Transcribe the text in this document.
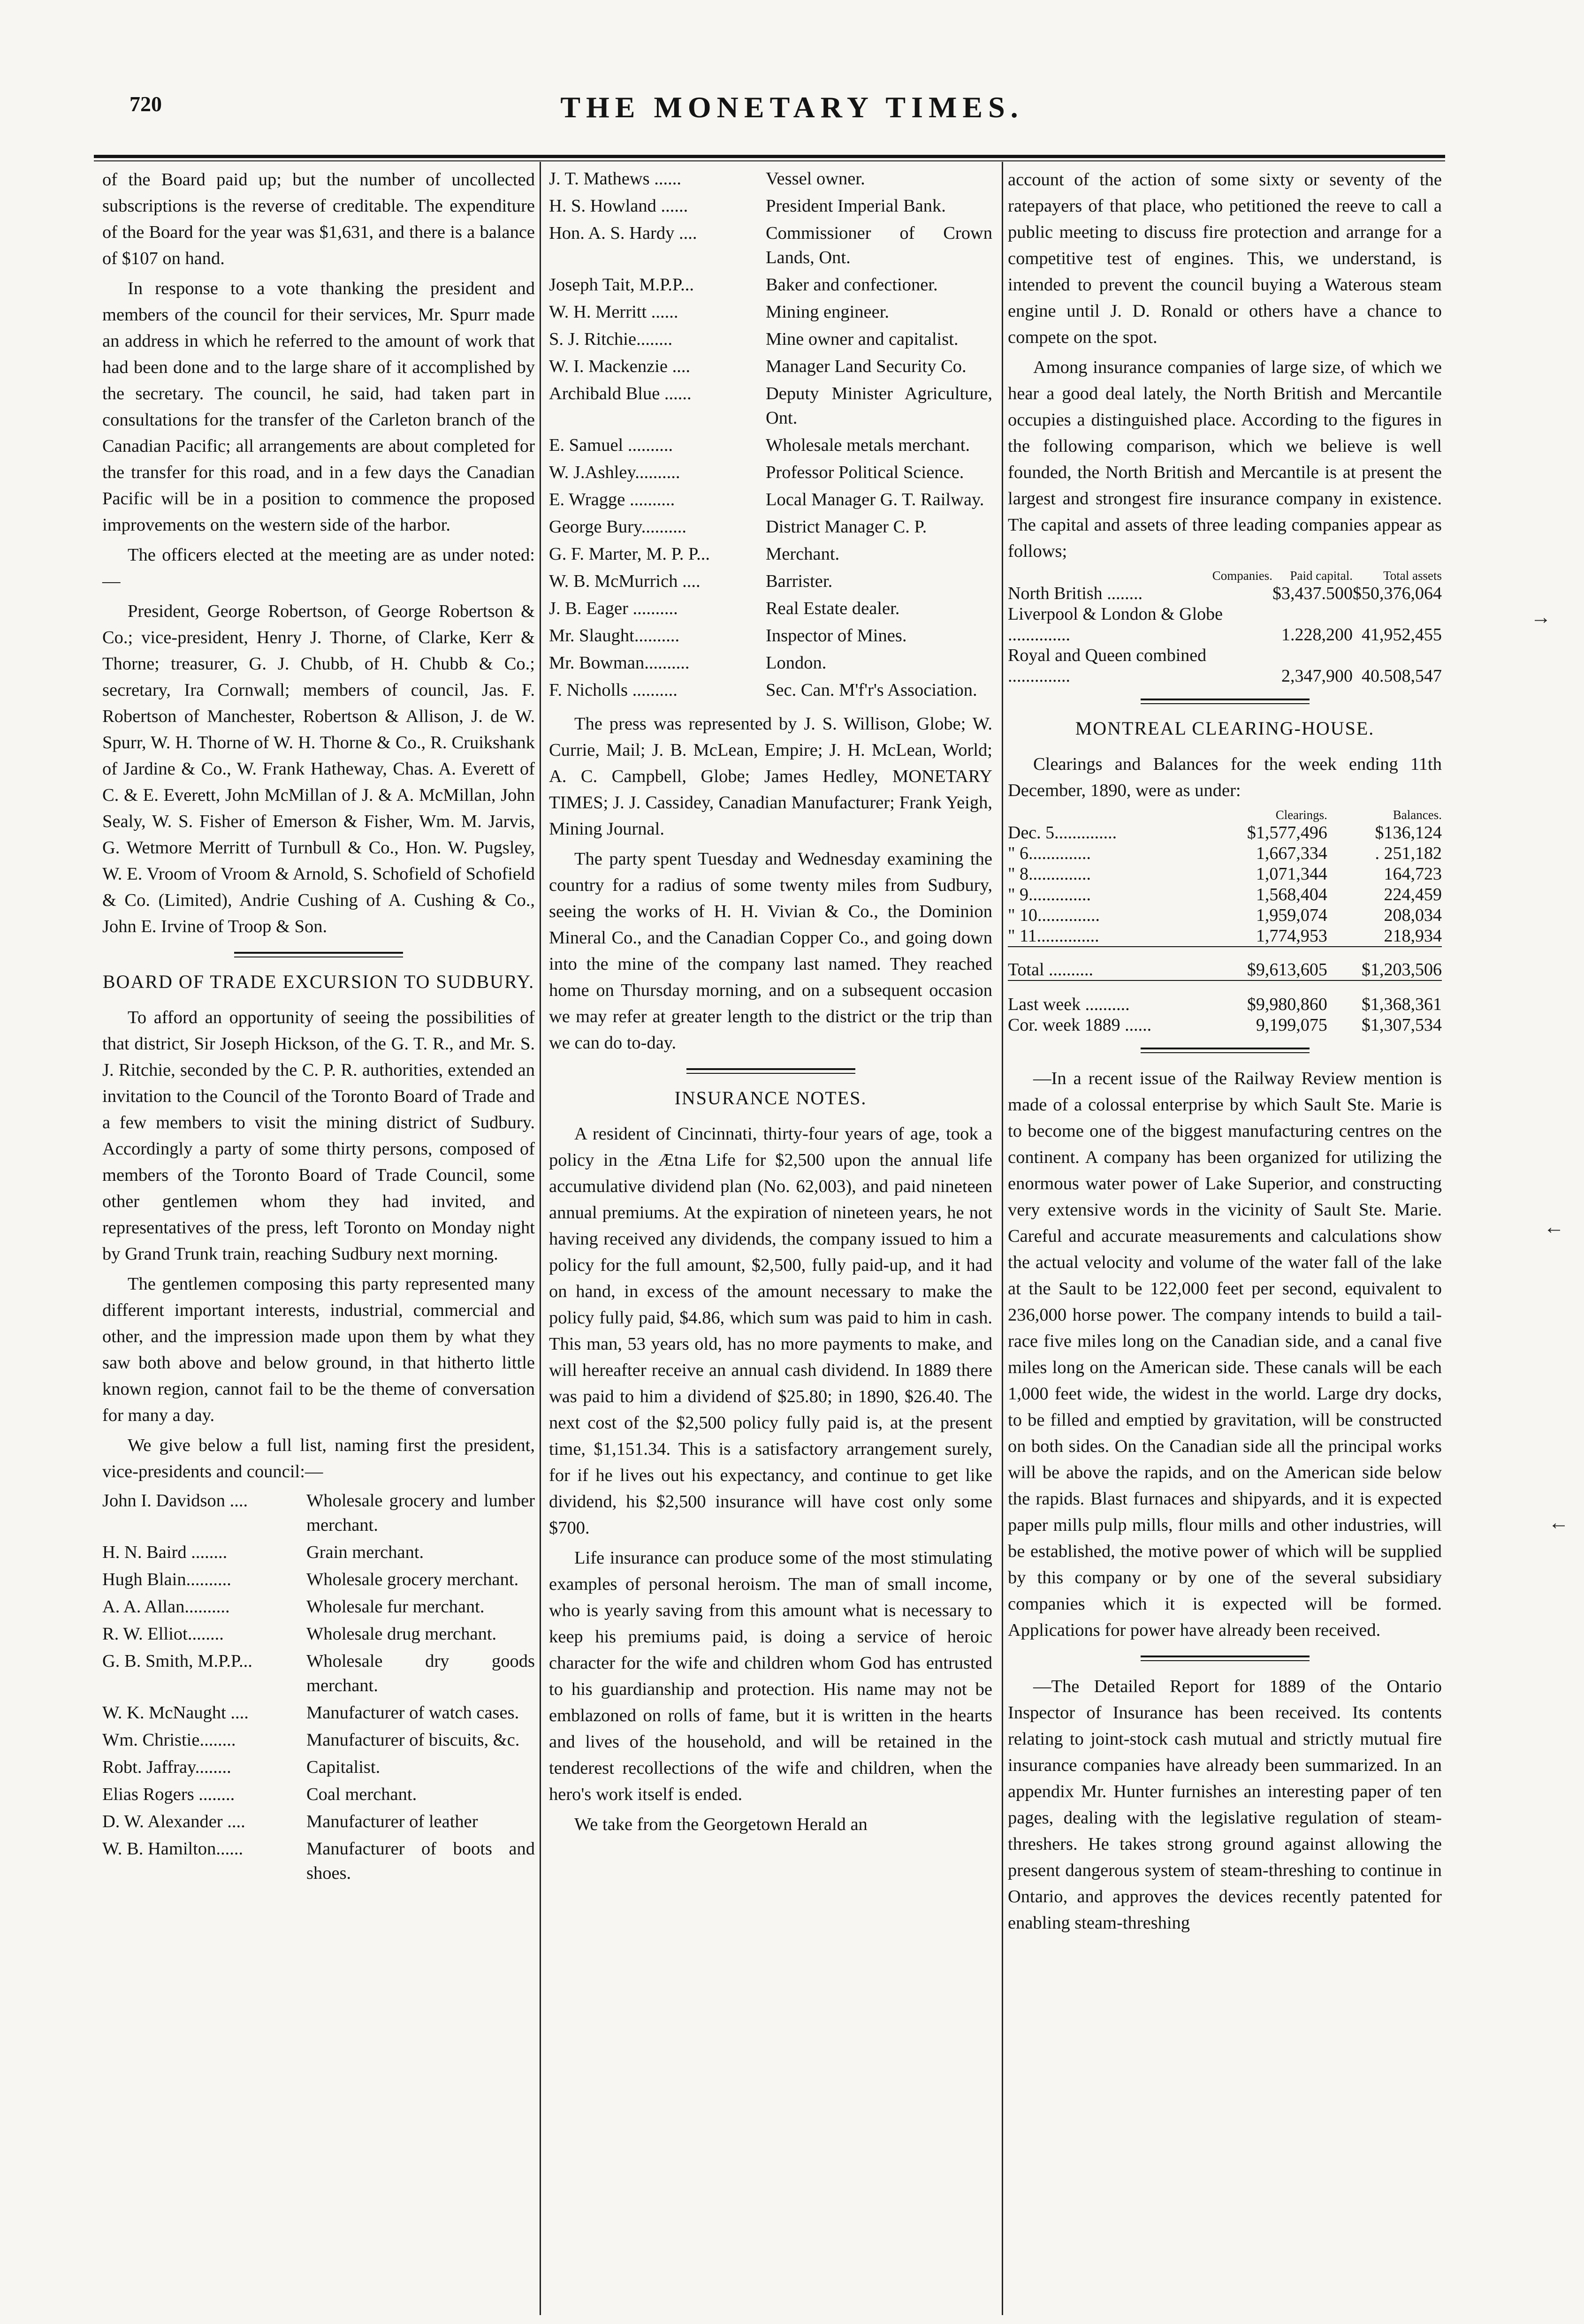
720	THE MONETARY TIMES.
→
←
←

of the Board paid up; but the number of uncollected subscriptions is the reverse of creditable. The expenditure of the Board for the year was $1,631, and there is a balance of $107 on hand.

In response to a vote thanking the president and members of the council for their services, Mr. Spurr made an address in which he referred to the amount of work that had been done and to the large share of it accomplished by the secretary. The council, he said, had taken part in consultations for the transfer of the Carleton branch of the Canadian Pacific; all arrangements are about completed for the transfer for this road, and in a few days the Canadian Pacific will be in a position to commence the proposed improvements on the western side of the harbor.

The officers elected at the meeting are as under noted:—

President, George Robertson, of George Robertson & Co.; vice-president, Henry J. Thorne, of Clarke, Kerr & Thorne; treasurer, G. J. Chubb, of H. Chubb & Co.; secretary, Ira Cornwall; members of council, Jas. F. Robertson of Manchester, Robertson & Allison, J. de W. Spurr, W. H. Thorne of W. H. Thorne & Co., R. Cruikshank of Jardine & Co., W. Frank Hatheway, Chas. A. Everett of C. & E. Everett, John McMillan of J. & A. McMillan, John Sealy, W. S. Fisher of Emerson & Fisher, Wm. M. Jarvis, G. Wetmore Merritt of Turnbull & Co., Hon. W. Pugsley, W. E. Vroom of Vroom & Arnold, S. Schofield of Schofield & Co. (Limited), Andrie Cushing of A. Cushing & Co., John E. Irvine of Troop & Son.

BOARD OF TRADE EXCURSION TO SUDBURY.

To afford an opportunity of seeing the possibilities of that district, Sir Joseph Hickson, of the G. T. R., and Mr. S. J. Ritchie, seconded by the C. P. R. authorities, extended an invitation to the Council of the Toronto Board of Trade and a few members to visit the mining district of Sudbury. Accordingly a party of some thirty persons, composed of members of the Toronto Board of Trade Council, some other gentlemen whom they had invited, and representatives of the press, left Toronto on Monday night by Grand Trunk train, reaching Sudbury next morning.

The gentlemen composing this party represented many different important interests, industrial, commercial and other, and the impression made upon them by what they saw both above and below ground, in that hitherto little known region, cannot fail to be the theme of conversation for many a day.

We give below a full list, naming first the president, vice-presidents and council:—

John I. Davidson ....	Wholesale grocery and lumber merchant.
H. N. Baird ........	Grain merchant.
Hugh Blain..........	Wholesale grocery merchant.
A. A. Allan..........	Wholesale fur merchant.
R. W. Elliot........	Wholesale drug merchant.
G. B. Smith, M.P.P...	Wholesale dry goods merchant.
W. K. McNaught ....	Manufacturer of watch cases.
Wm. Christie........	Manufacturer of biscuits, &c.
Robt. Jaffray........	Capitalist.
Elias Rogers ........	Coal merchant.
D. W. Alexander ....	Manufacturer of leather
W. B. Hamilton......	Manufacturer of boots and shoes.
J. T. Mathews ......	Vessel owner.
H. S. Howland ......	President Imperial Bank.
Hon. A. S. Hardy ....	Commissioner of Crown Lands, Ont.
Joseph Tait, M.P.P...	Baker and confectioner.
W. H. Merritt ......	Mining engineer.
S. J. Ritchie........	Mine owner and capitalist.
W. I. Mackenzie ....	Manager Land Security Co.
Archibald Blue ......	Deputy Minister Agriculture, Ont.
E. Samuel ..........	Wholesale metals merchant.
W. J.Ashley..........	Professor Political Science.
E. Wragge ..........	Local Manager G. T. Railway.
George Bury..........	District Manager C. P.
G. F. Marter, M. P. P...	Merchant.
W. B. McMurrich ....	Barrister.
J. B. Eager ..........	Real Estate dealer.
Mr. Slaught..........	Inspector of Mines.
Mr. Bowman..........	London.
F. Nicholls ..........	Sec. Can. M'f'r's Association.

The press was represented by J. S. Willison, Globe; W. Currie, Mail; J. B. McLean, Empire; J. H. McLean, World; A. C. Campbell, Globe; James Hedley, MONETARY TIMES; J. J. Cassidey, Canadian Manufacturer; Frank Yeigh, Mining Journal.

The party spent Tuesday and Wednesday examining the country for a radius of some twenty miles from Sudbury, seeing the works of H. H. Vivian & Co., the Dominion Mineral Co., and the Canadian Copper Co., and going down into the mine of the company last named. They reached home on Thursday morning, and on a subsequent occasion we may refer at greater length to the district or the trip than we can do to-day.

INSURANCE NOTES.

A resident of Cincinnati, thirty-four years of age, took a policy in the Ætna Life for $2,500 upon the annual life accumulative dividend plan (No. 62,003), and paid nineteen annual premiums. At the expiration of nineteen years, he not having received any dividends, the company issued to him a policy for the full amount, $2,500, fully paid-up, and it had on hand, in excess of the amount necessary to make the policy fully paid, $4.86, which sum was paid to him in cash. This man, 53 years old, has no more payments to make, and will hereafter receive an annual cash dividend. In 1889 there was paid to him a dividend of $25.80; in 1890, $26.40. The next cost of the $2,500 policy fully paid is, at the present time, $1,151.34. This is a satisfactory arrangement surely, for if he lives out his expectancy, and continue to get like dividend, his $2,500 insurance will have cost only some $700.

Life insurance can produce some of the most stimulating examples of personal heroism. The man of small income, who is yearly saving from this amount what is necessary to keep his premiums paid, is doing a service of heroic character for the wife and children whom God has entrusted to his guardianship and protection. His name may not be emblazoned on rolls of fame, but it is written in the hearts and lives of the household, and will be retained in the tenderest recollections of the wife and children, when the hero's work itself is ended.

We take from the Georgetown Herald an

account of the action of some sixty or seventy of the ratepayers of that place, who petitioned the reeve to call a public meeting to discuss fire protection and arrange for a competitive test of engines. This, we understand, is intended to prevent the council buying a Waterous steam engine until J. D. Ronald or others have a chance to compete on the spot.

Among insurance companies of large size, of which we hear a good deal lately, the North British and Mercantile occupies a distinguished place. According to the figures in the following comparison, which we believe is well founded, the North British and Mercantile is at present the largest and strongest fire insurance company in existence. The capital and assets of three leading companies appear as follows;

Companies.	Paid capital.	Total assets
North British ........	$3,437.500	$50,376,064
Liverpool & London & Globe ..............	1.228,200	41,952,455
Royal and Queen combined ..............	2,347,900	40.508,547
MONTREAL CLEARING-HOUSE.

Clearings and Balances for the week ending 11th December, 1890, were as under:

	Clearings.	Balances.
Dec. 5..............	$1,577,496	$136,124
" 6..............	1,667,334	. 251,182
" 8..............	1,071,344	164,723
" 9..............	1,568,404	224,459
" 10..............	1,959,074	208,034
" 11..............	1,774,953	218,934
Total ..........	$9,613,605	$1,203,506
Last week ..........	$9,980,860	$1,368,361
Cor. week 1889 ......	9,199,075	$1,307,534

—In a recent issue of the Railway Review mention is made of a colossal enterprise by which Sault Ste. Marie is to become one of the biggest manufacturing centres on the continent. A company has been organized for utilizing the enormous water power of Lake Superior, and constructing very extensive words in the vicinity of Sault Ste. Marie. Careful and accurate measurements and calculations show the actual velocity and volume of the water fall of the lake at the Sault to be 122,000 feet per second, equivalent to 236,000 horse power. The company intends to build a tail-race five miles long on the Canadian side, and a canal five miles long on the American side. These canals will be each 1,000 feet wide, the widest in the world. Large dry docks, to be filled and emptied by gravitation, will be constructed on both sides. On the Canadian side all the principal works will be above the rapids, and on the American side below the rapids. Blast furnaces and shipyards, and it is expected paper mills pulp mills, flour mills and other industries, will be established, the motive power of which will be supplied by this company or by one of the several subsidiary companies which it is expected will be formed. Applications for power have already been received.

—The Detailed Report for 1889 of the Ontario Inspector of Insurance has been received. Its contents relating to joint-stock cash mutual and strictly mutual fire insurance companies have already been summarized. In an appendix Mr. Hunter furnishes an interesting paper of ten pages, dealing with the legislative regulation of steam-threshers. He takes strong ground against allowing the present dangerous system of steam-threshing to continue in Ontario, and approves the devices recently patented for enabling steam-threshing
